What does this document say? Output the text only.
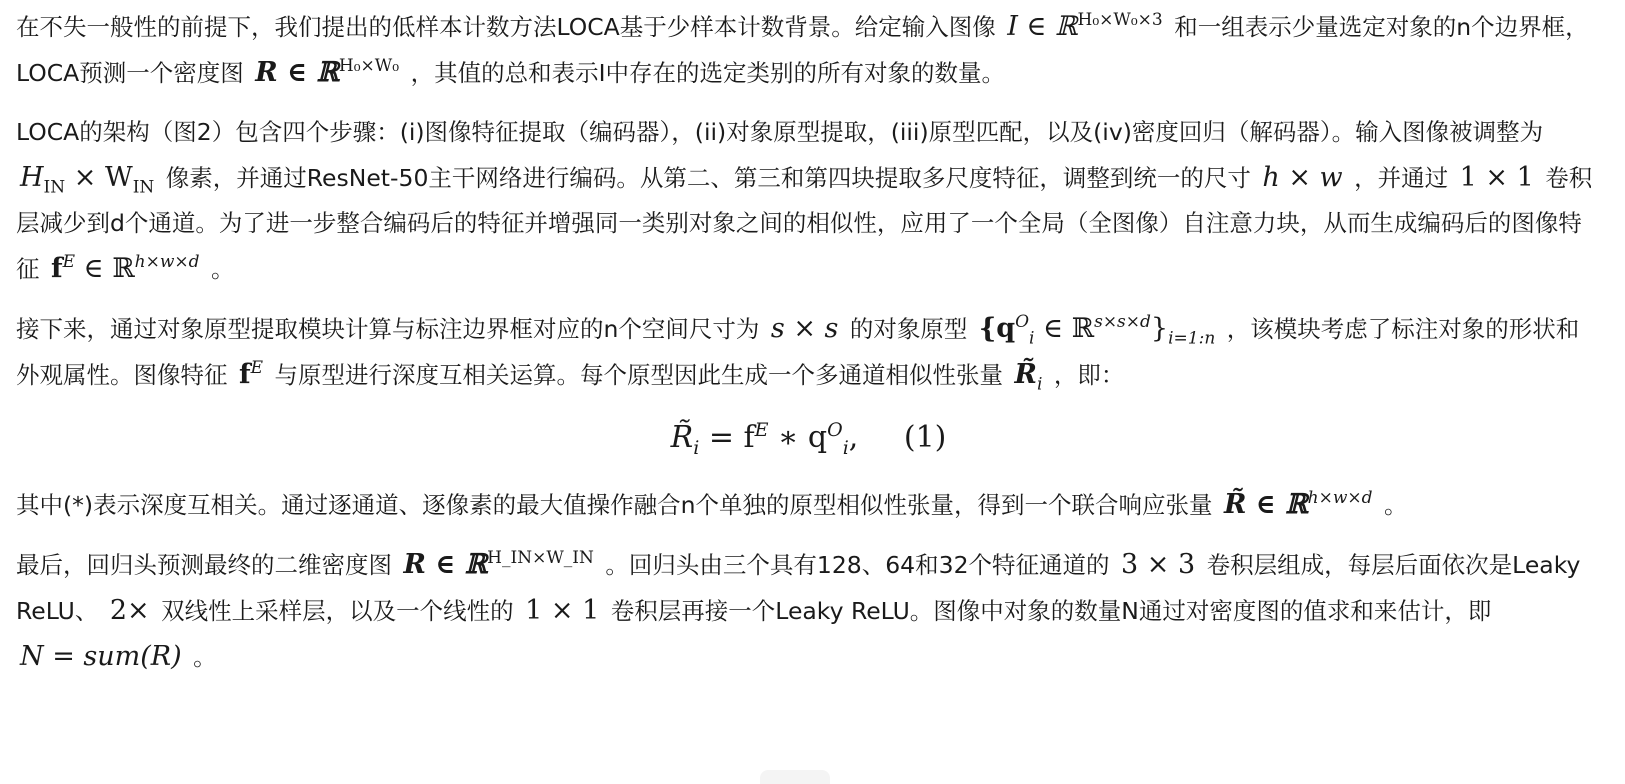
在不失一般性的前提下，我们提出的低样本计数方法LOCA基于少样本计数背景。给定输入图像 I ∈ ℝ$^{H_0\times W_0\times 3}$ 和一组表示少量选定对象的n个边界框，LOCA预测一个密度图 R ∈ ℝ$^{H_0\times W_0}$ ，其值的总和表示I中存在的选定类别的所有对象的数量。

LOCA的架构（图2）包含四个步骤：(i)图像特征提取（编码器），(ii)对象原型提取，(iii)原型匹配，以及(iv)密度回归（解码器）。输入图像被调整为 $H_{IN} \times W_{IN}$ 像素，并通过ResNet-50主干网络进行编码。从第二、第三和第四块提取多尺度特征，调整到统一的尺寸 h × w ，并通过 1 × 1 卷积层减少到d个通道。为了进一步整合编码后的特征并增强同一类别对象之间的相似性，应用了一个全局（全图像）自注意力块，从而生成编码后的图像特征 $f^E$ ∈ ℝ$^{h\times w\times d}$ 。

接下来，通过对象原型提取模块计算与标注边界框对应的n个空间尺寸为 s × s 的对象原型 {$q^O_i$ ∈ $ℝ^{s\times s\times d}\}_{i=1:n}$ ，该模块考虑了标注对象的形状和外观属性。图像特征 $f^E$ 与原型进行深度互相关运算。每个原型因此生成一个多通道相似性张量 $R̃_i$ ，即：

$R̃_i = f^E$ ∗ $q^O_i$, (1)

其中(*)表示深度互相关。通过逐通道、逐像素的最大值操作融合n个单独的原型相似性张量，得到一个联合响应张量 R̃ ∈ ℝ$^{h\times w\times d}$ 。

最后，回归头预测最终的二维密度图 R ∈ ℝ$^{H\_IN\times W\_IN}$ 。回归头由三个具有128、64和32个特征通道的 3 × 3 卷积层组成，每层后面依次是Leaky ReLU、 2× 双线性上采样层，以及一个线性的 1 × 1 卷积层再接一个Leaky ReLU。图像中对象的数量N通过对密度图的值求和来估计，即 N = sum(R) 。
